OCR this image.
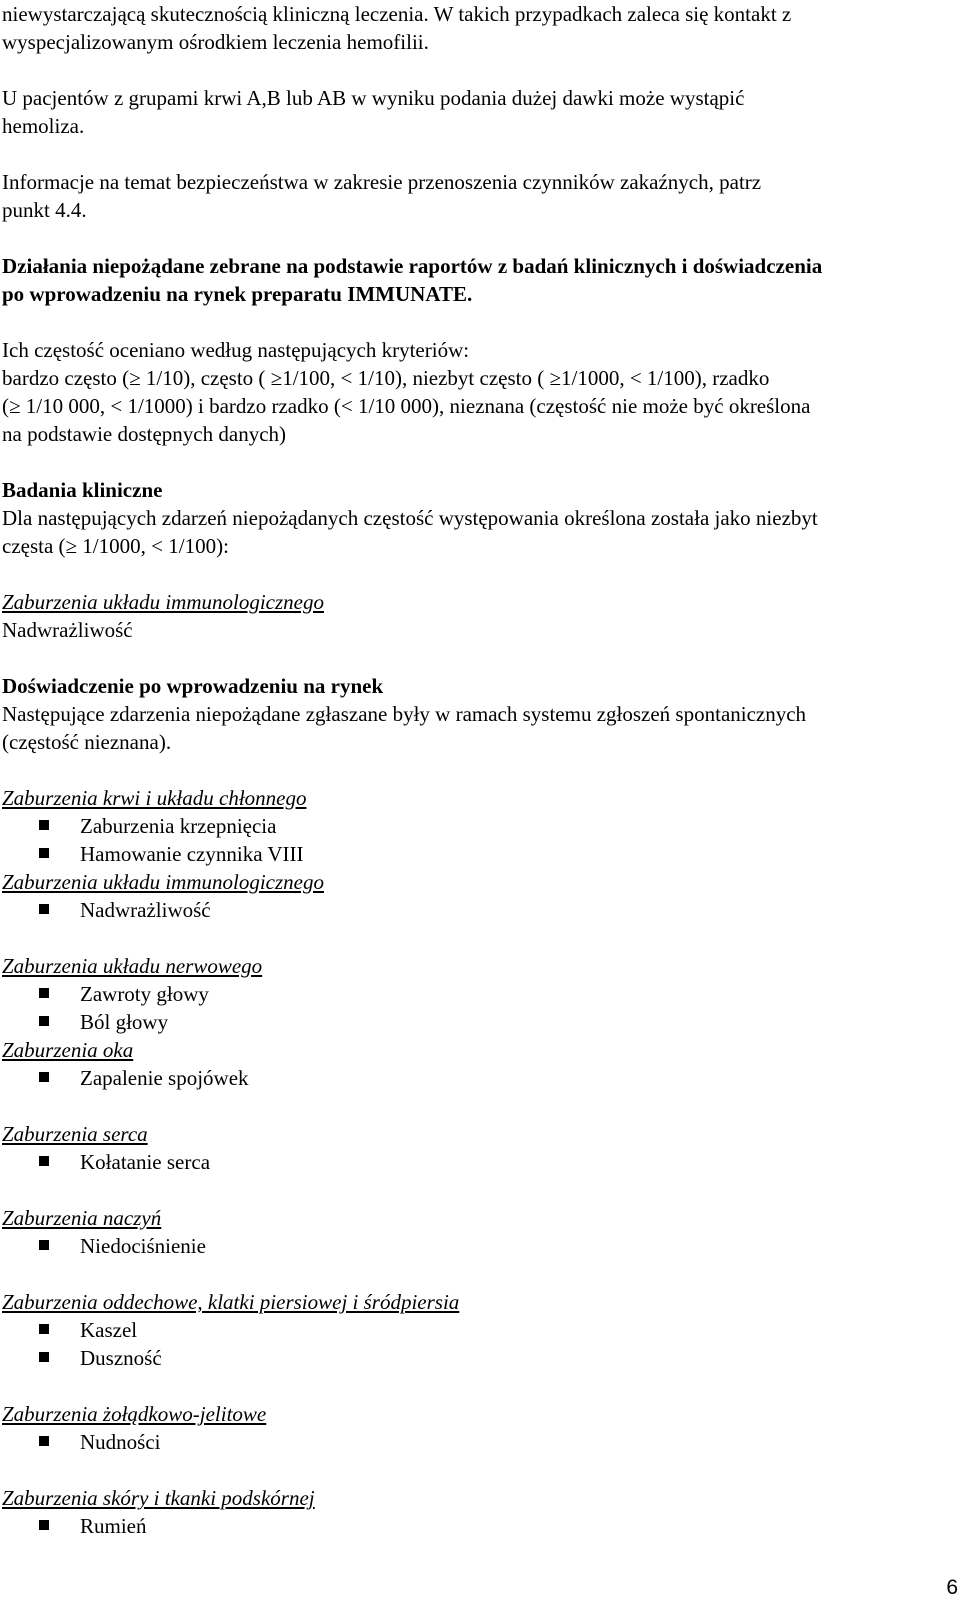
niewystarczającą skutecznością kliniczną leczenia. W takich przypadkach zaleca się kontakt z

wyspecjalizowanym ośrodkiem leczenia hemofilii.

U pacjentów z grupami krwi A,B lub AB w wyniku podania dużej dawki może wystąpić

hemoliza.

Informacje na temat bezpieczeństwa w zakresie przenoszenia czynników zakaźnych, patrz

punkt 4.4.

Działania niepożądane zebrane na podstawie raportów z badań klinicznych i doświadczenia

po wprowadzeniu na rynek preparatu IMMUNATE.

Ich częstość oceniano według następujących kryteriów:

bardzo często (≥ 1/10), często ( ≥1/100, < 1/10), niezbyt często ( ≥1/1000, < 1/100), rzadko

(≥ 1/10 000, < 1/1000) i bardzo rzadko (< 1/10 000), nieznana (częstość nie może być określona

na podstawie dostępnych danych)

Badania kliniczne

Dla następujących zdarzeń niepożądanych częstość występowania określona została jako niezbyt

częsta (≥ 1/1000, < 1/100):

Zaburzenia układu immunologicznego

Nadwrażliwość

Doświadczenie po wprowadzeniu na rynek

Następujące zdarzenia niepożądane zgłaszane były w ramach systemu zgłoszeń spontanicznych

(częstość nieznana).

Zaburzenia krwi i układu chłonnego

Zaburzenia krzepnięcia
Hamowanie czynnika VIII

Zaburzenia układu immunologicznego

Nadwrażliwość

Zaburzenia układu nerwowego

Zawroty głowy
Ból głowy

Zaburzenia oka

Zapalenie spojówek

Zaburzenia serca

Kołatanie serca

Zaburzenia naczyń

Niedociśnienie

Zaburzenia oddechowe, klatki piersiowej i śródpiersia

Kaszel
Duszność

Zaburzenia żołądkowo-jelitowe

Nudności

Zaburzenia skóry i tkanki podskórnej

Rumień
6
